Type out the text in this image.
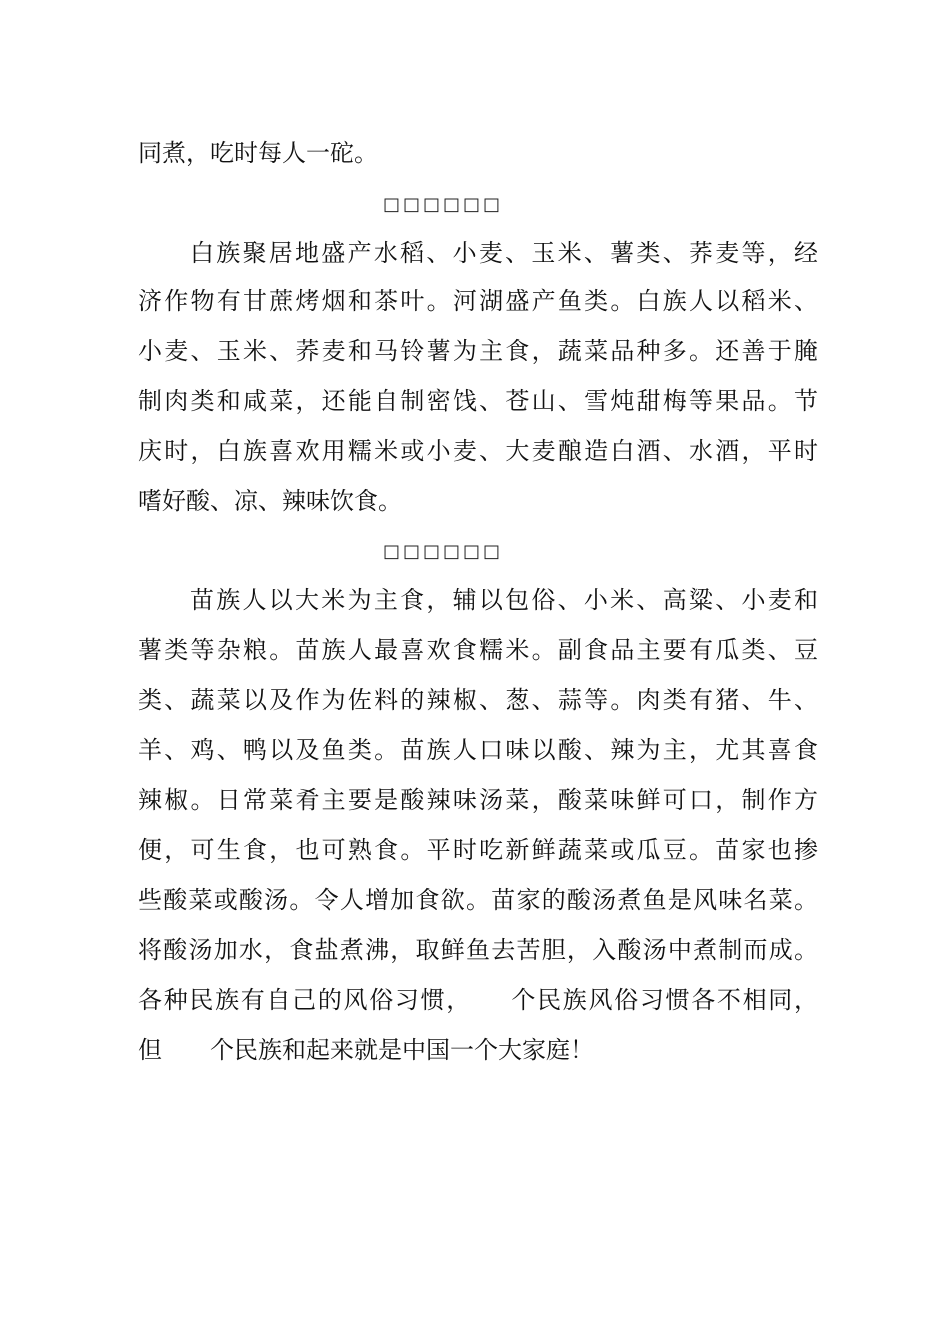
同煮，吃时每人一砣。
□□□□□□
白族聚居地盛产水稻、小麦、玉米、薯类、荞麦等，经
济作物有甘蔗烤烟和茶叶。河湖盛产鱼类。白族人以稻米、
小麦、玉米、荞麦和马铃薯为主食，蔬菜品种多。还善于腌
制肉类和咸菜，还能自制密饯、苍山、雪炖甜梅等果品。节
庆时，白族喜欢用糯米或小麦、大麦酿造白酒、水酒，平时
嗜好酸、凉、辣味饮食。
□□□□□□
苗族人以大米为主食，辅以包俗、小米、高粱、小麦和
薯类等杂粮。苗族人最喜欢食糯米。副食品主要有瓜类、豆
类、蔬菜以及作为佐料的辣椒、葱、蒜等。肉类有猪、牛、
羊、鸡、鸭以及鱼类。苗族人口味以酸、辣为主，尤其喜食
辣椒。日常菜肴主要是酸辣味汤菜，酸菜味鲜可口，制作方
便，可生食，也可熟食。平时吃新鲜蔬菜或瓜豆。苗家也掺
些酸菜或酸汤。令人增加食欲。苗家的酸汤煮鱼是风味名菜。
将酸汤加水，食盐煮沸，取鲜鱼去苦胆，入酸汤中煮制而成。
各种民族有自己的风俗习惯，　　个民族风俗习惯各不相同，
但　　个民族和起来就是中国一个大家庭！
